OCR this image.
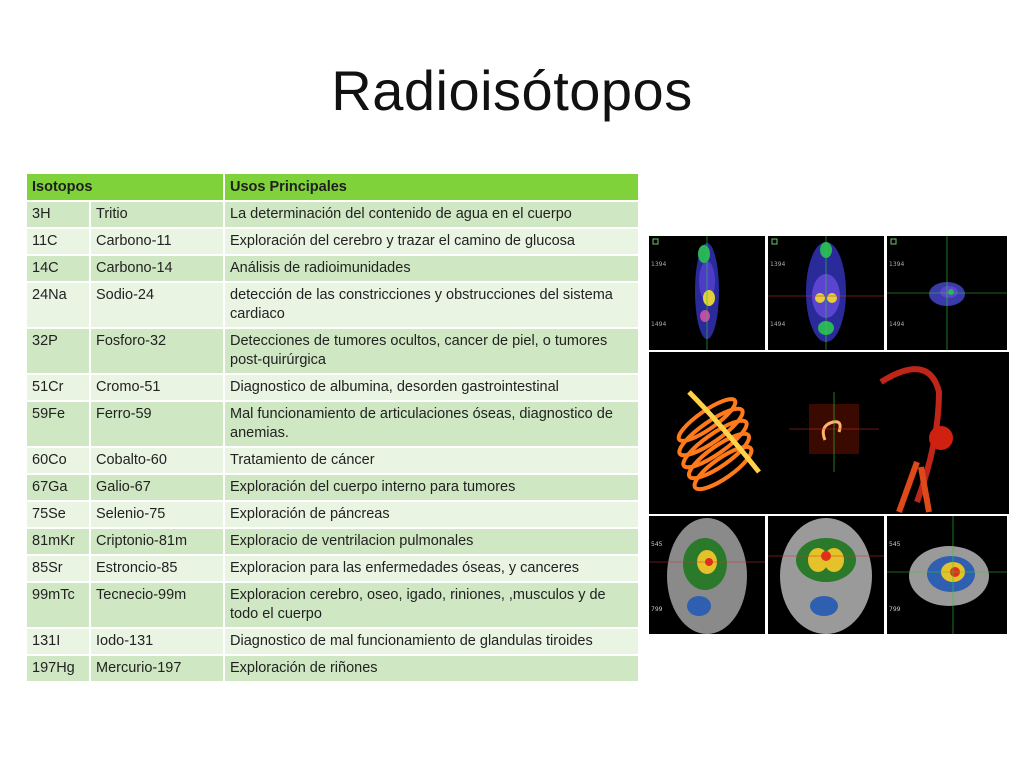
Radioisótopos
Isotopos		Usos Principales
3H	Tritio	La determinación del contenido de agua en el cuerpo
11C	Carbono-11	Exploración del cerebro y trazar el camino de glucosa
14C	Carbono-14	Análisis de radioimunidades
24Na	Sodio-24	detección de las constricciones y obstrucciones del sistema cardiaco
32P	Fosforo-32	Detecciones de tumores ocultos, cancer de piel, o tumores post-quirúrgica
51Cr	Cromo-51	Diagnostico de albumina, desorden gastrointestinal
59Fe	Ferro-59	Mal funcionamiento de articulaciones óseas, diagnostico de anemias.
60Co	Cobalto-60	Tratamiento de cáncer
67Ga	Galio-67	Exploración del cuerpo interno para tumores
75Se	Selenio-75	Exploración de páncreas
81mKr	Criptonio-81m	Exploracio de ventrilacion pulmonales
85Sr	Estroncio-85	Exploracion para las enfermedades óseas, y canceres
99mTc	Tecnecio-99m	Exploracion cerebro, oseo, igado, riniones, ,musculos y de todo el cuerpo
131I	Iodo-131	Diagnostico de mal funcionamiento de glandulas tiroides
197Hg	Mercurio-197	Exploración de riñones
1394
1494
1394
1494
1394
1494
545
799
545
799
